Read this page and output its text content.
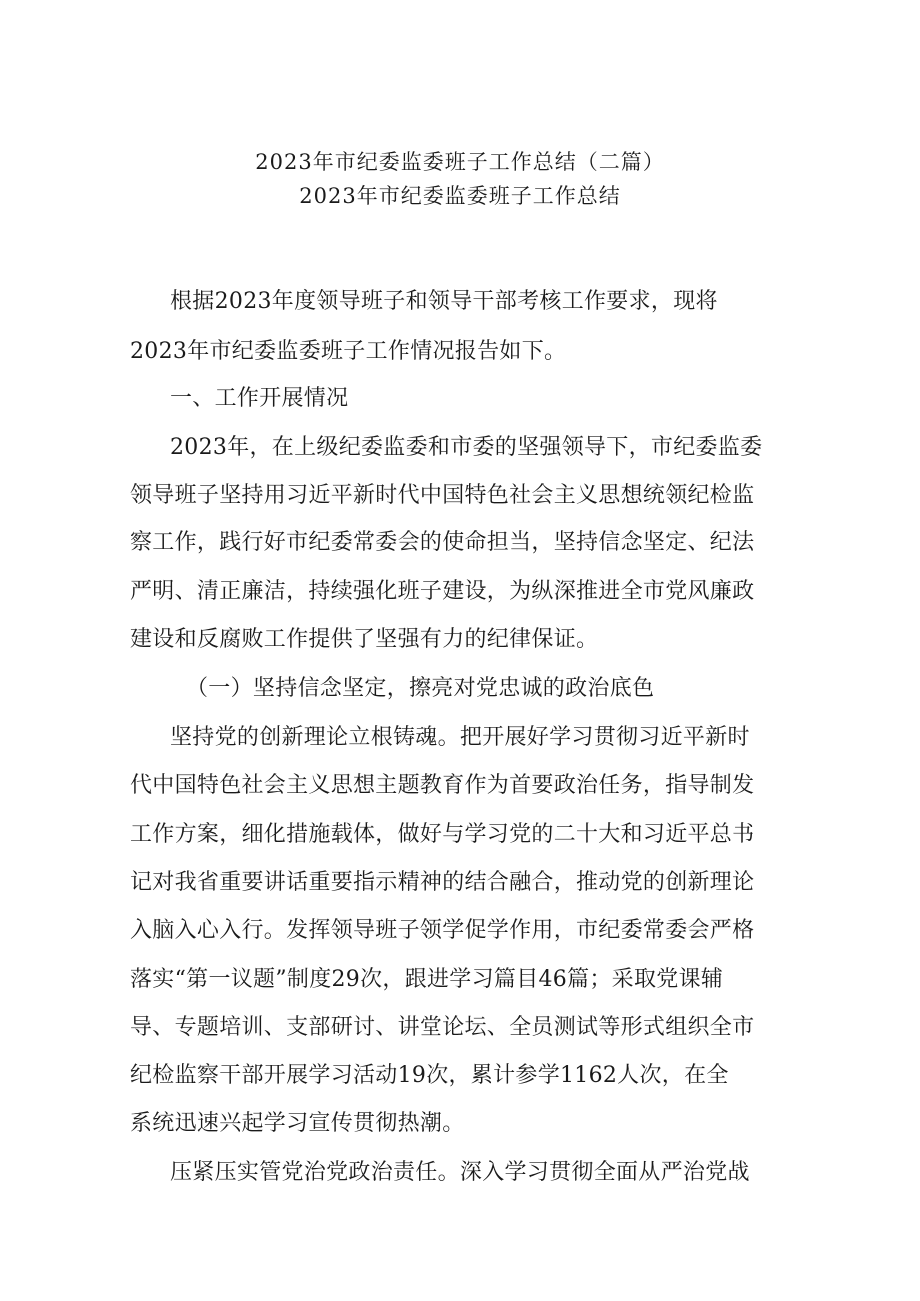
2023年市纪委监委班子工作总结（二篇）
2023年市纪委监委班子工作总结
根据2023年度领导班子和领导干部考核工作要求，现将
2023年市纪委监委班子工作情况报告如下。
一、工作开展情况
2023年，在上级纪委监委和市委的坚强领导下，市纪委监委
领导班子坚持用习近平新时代中国特色社会主义思想统领纪检监
察工作，践行好市纪委常委会的使命担当，坚持信念坚定、纪法
严明、清正廉洁，持续强化班子建设，为纵深推进全市党风廉政
建设和反腐败工作提供了坚强有力的纪律保证。
（一）坚持信念坚定，擦亮对党忠诚的政治底色
坚持党的创新理论立根铸魂。把开展好学习贯彻习近平新时
代中国特色社会主义思想主题教育作为首要政治任务，指导制发
工作方案，细化措施载体，做好与学习党的二十大和习近平总书
记对我省重要讲话重要指示精神的结合融合，推动党的创新理论
入脑入心入行。发挥领导班子领学促学作用，市纪委常委会严格
落实“第一议题”制度29次，跟进学习篇目46篇；采取党课辅
导、专题培训、支部研讨、讲堂论坛、全员测试等形式组织全市
纪检监察干部开展学习活动19次，累计参学1162人次，在全
系统迅速兴起学习宣传贯彻热潮。
压紧压实管党治党政治责任。深入学习贯彻全面从严治党战
